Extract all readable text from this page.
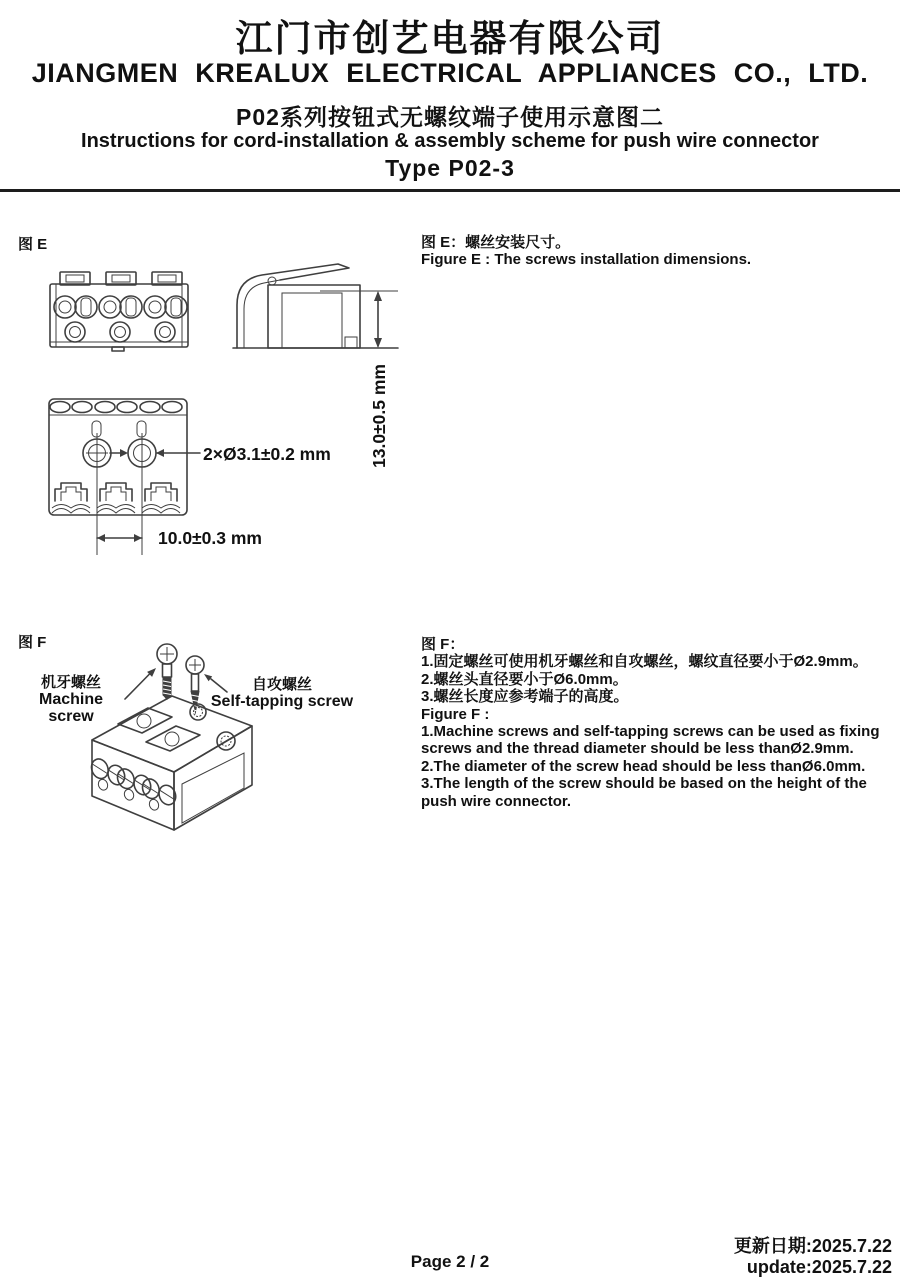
江门市创艺电器有限公司
JIANGMEN KREALUX ELECTRICAL APPLIANCES CO., LTD.
P02系列按钮式无螺纹端子使用示意图二
Instructions for cord-installation & assembly scheme for push wire connector
Type P02-3
图 E	图 E：螺丝安装尺寸。
Figure E : The screws installation dimensions.
13.0±0.5 mm
2×Ø3.1±0.2 mm
10.0±0.3 mm
图 F
机牙螺丝
Machine screw
自攻螺丝
Self-tapping screw
图 F：
1.固定螺丝可使用机牙螺丝和自攻螺丝，螺纹直径要小于Ø2.9mm。
2.螺丝头直径要小于Ø6.0mm。
3.螺丝长度应参考端子的高度。
Figure F :
1.Machine screws and self-tapping screws can be used as fixing screws and the thread diameter should be less thanØ2.9mm.
2.The diameter of the screw head should be less thanØ6.0mm.
3.The length of the screw should be based on the height of the push wire connector.
Page 2 / 2
更新日期:2025.7.22
update:2025.7.22
